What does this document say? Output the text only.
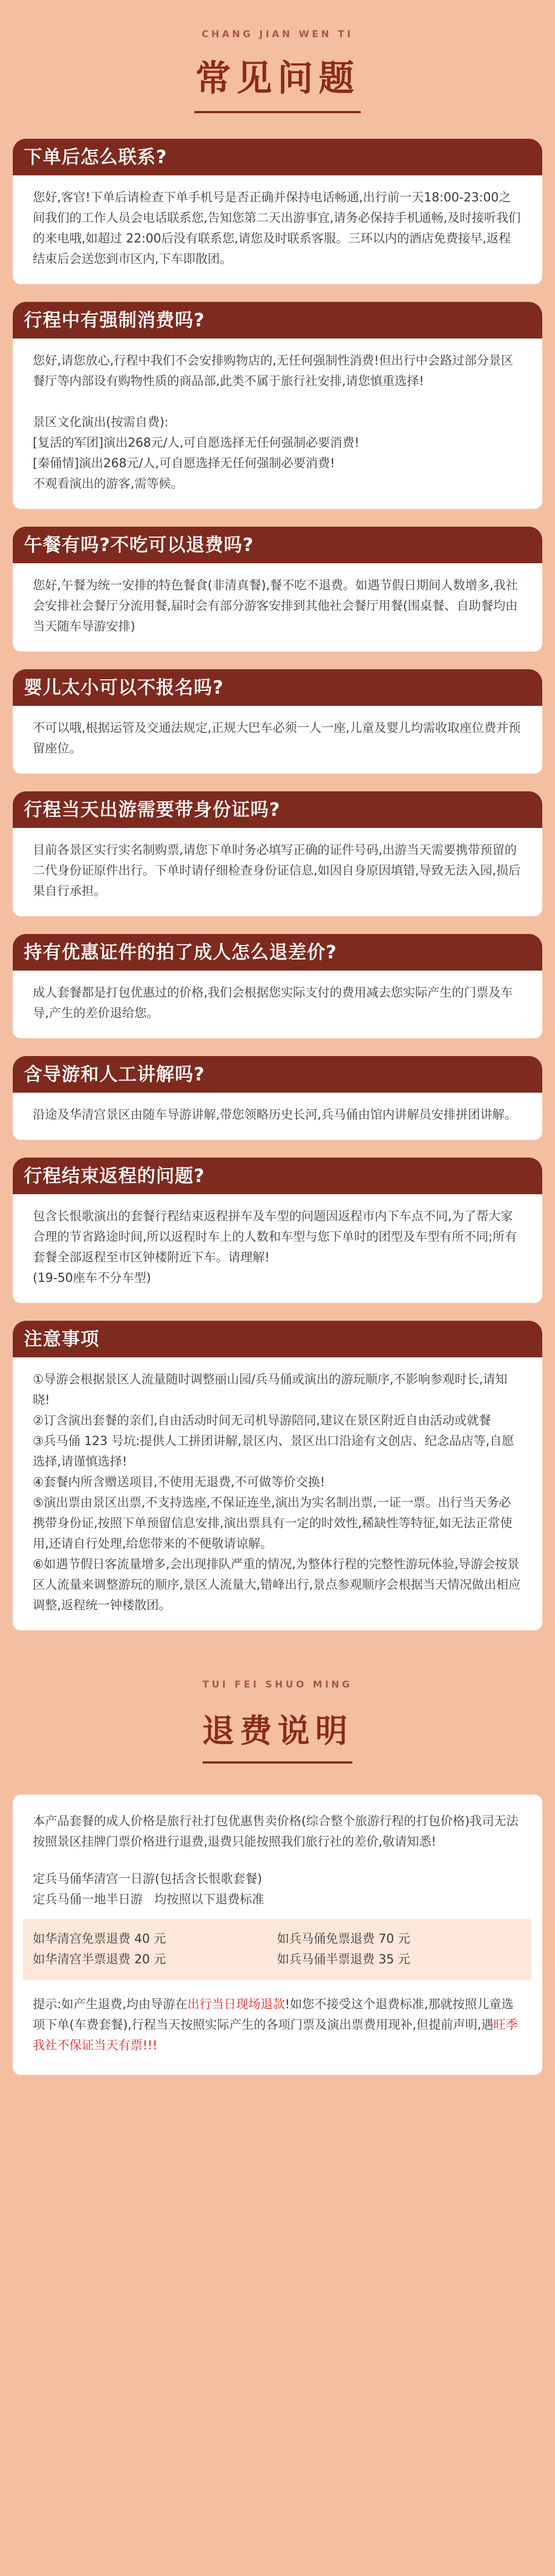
CHANG JIAN WEN TI
常见问题
下单后怎么联系?

您好,客官!下单后请检查下单手机号是否正确并保持电话畅通,出行前一天18:00-23:00之间我们的工作人员会电话联系您,告知您第二天出游事宜,请务必保持手机通畅,及时接听我们的来电哦,如超过 22:00后没有联系您,请您及时联系客服。三环以内的酒店免费接早,返程结束后会送您到市区内,下车即散团。

行程中有强制消费吗?

您好,请您放心,行程中我们不会安排购物店的,无任何强制性消费!但出行中会路过部分景区餐厅等内部设有购物性质的商品部,此类不属于旅行社安排,请您慎重选择!

景区文化演出(按需自费):

[复活的军团]演出268元/人,可自愿选择无任何强制必要消费!

[秦俑情]演出268元/人,可自愿选择无任何强制必要消费!

不观看演出的游客,需等候。

午餐有吗?不吃可以退费吗?

您好,午餐为统一安排的特色餐食(非清真餐),餐不吃不退费。如遇节假日期间人数增多,我社会安排社会餐厅分流用餐,届时会有部分游客安排到其他社会餐厅用餐(围桌餐、自助餐均由当天随车导游安排)

婴儿太小可以不报名吗?

不可以哦,根据运管及交通法规定,正规大巴车必须一人一座,儿童及婴儿均需收取座位费并预留座位。

行程当天出游需要带身份证吗?

目前各景区实行实名制购票,请您下单时务必填写正确的证件号码,出游当天需要携带预留的二代身份证原件出行。下单时请仔细检查身份证信息,如因自身原因填错,导致无法入园,损后果自行承担。

持有优惠证件的拍了成人怎么退差价?

成人套餐都是打包优惠过的价格,我们会根据您实际支付的费用减去您实际产生的门票及车导,产生的差价退给您。

含导游和人工讲解吗?

沿途及华清宫景区由随车导游讲解,带您领略历史长河,兵马俑由馆内讲解员安排拼团讲解。

行程结束返程的问题?

包含长恨歌演出的套餐行程结束返程拼车及车型的问题因返程市内下车点不同,为了帮大家合理的节省路途时间,所以返程时车上的人数和车型与您下单时的团型及车型有所不同;所有套餐全部返程至市区钟楼附近下车。请理解!

(19-50座车不分车型)

注意事项

①导游会根据景区人流量随时调整丽山园/兵马俑或演出的游玩顺序,不影响参观时长,请知晓!

②订含演出套餐的亲们,自由活动时间无司机导游陪同,建议在景区附近自由活动或就餐

③兵马俑 123 号坑:提供人工拼团讲解,景区内、景区出口沿途有文创店、纪念品店等,自愿选择,请谨慎选择!

④套餐内所含赠送项目,不使用无退费,不可做等价交换!

⑤演出票由景区出票,不支持选座,不保证连坐,演出为实名制出票,一证一票。出行当天务必携带身份证,按照下单预留信息安排,演出票具有一定的时效性,稀缺性等特征,如无法正常使用,还请自行处理,给您带来的不便敬请谅解。

⑥如遇节假日客流量增多,会出现排队严重的情况,为整体行程的完整性游玩体验,导游会按景区人流量来调整游玩的顺序,景区人流量大,错峰出行,景点参观顺序会根据当天情况做出相应调整,返程统一钟楼散团。

TUI FEI SHUO MING
退费说明

本产品套餐的成人价格是旅行社打包优惠售卖价格(综合整个旅游行程的打包价格)我司无法按照景区挂牌门票价格进行退费,退费只能按照我们旅行社的差价,敬请知悉!

定兵马俑华清宫一日游(包括含长恨歌套餐)

定兵马俑一地半日游   均按照以下退费标准

如华清宫免票退费 40 元	如兵马俑免票退费 70 元
如华清宫半票退费 20 元	如兵马俑半票退费 35 元

提示:如产生退费,均由导游在出行当日现场退款!如您不接受这个退费标准,那就按照儿童选项下单(车费套餐),行程当天按照实际产生的各项门票及演出票费用现补,但提前声明,遇旺季我社不保证当天有票!!!
